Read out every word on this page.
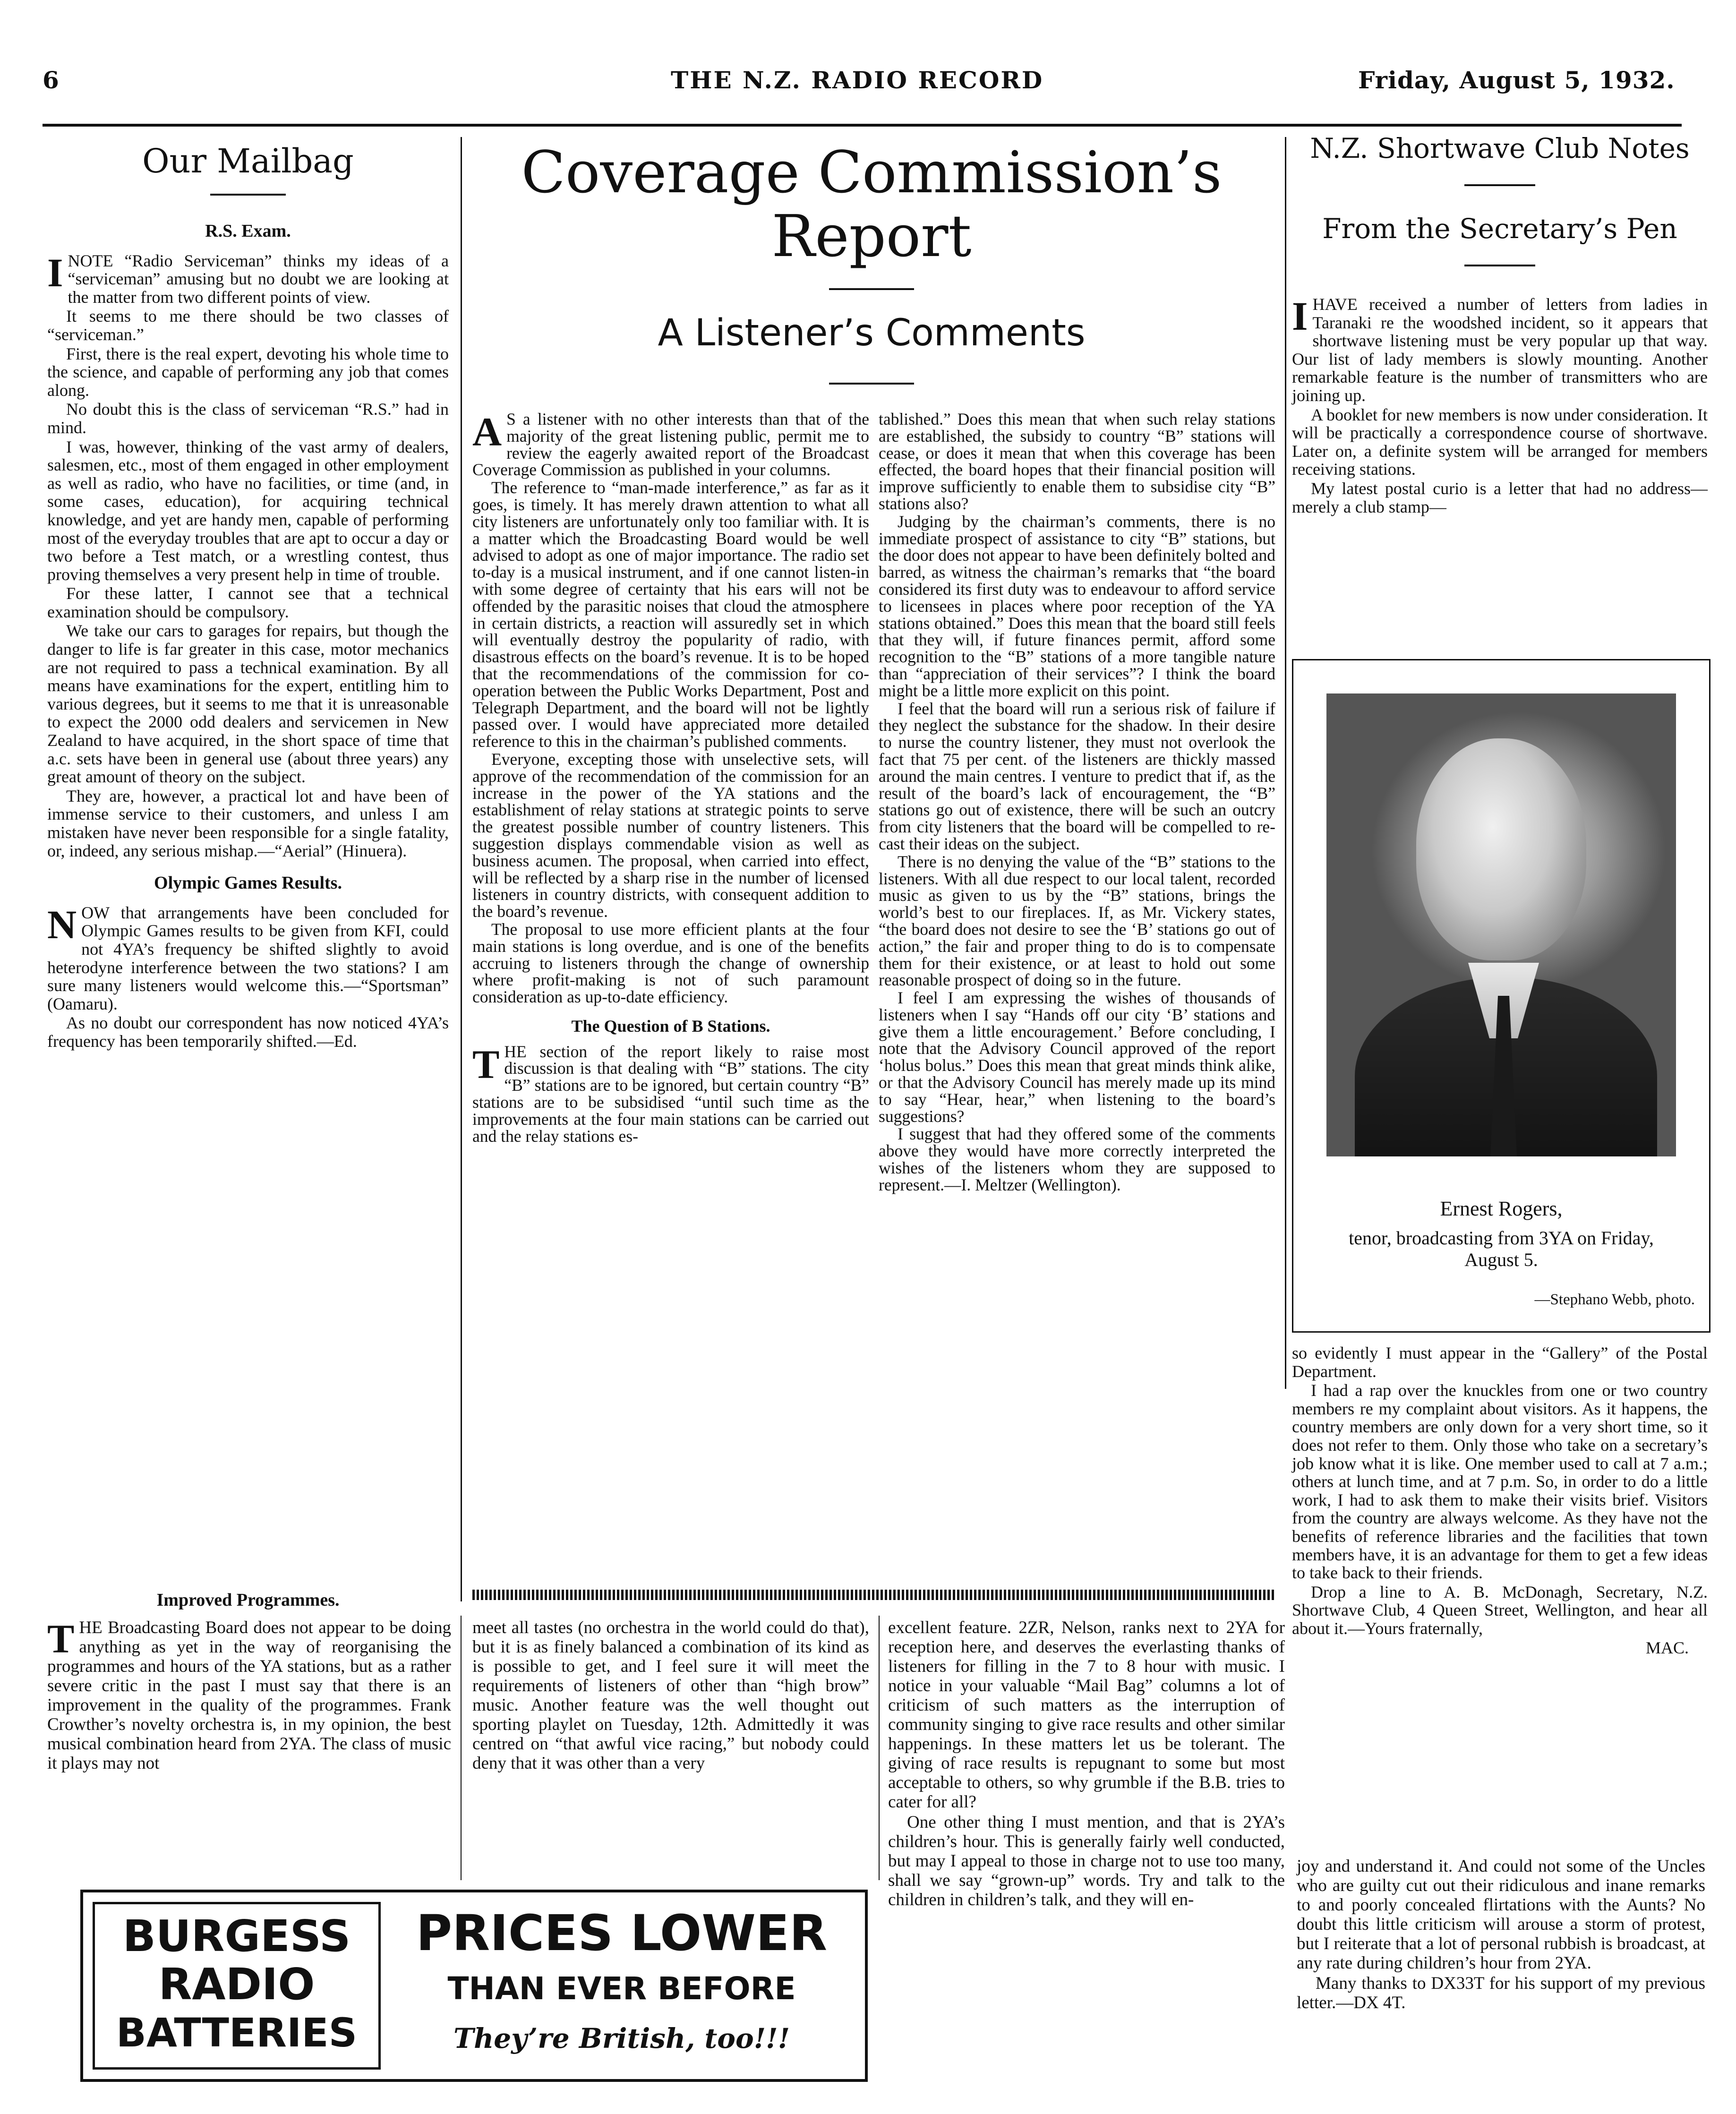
6	THE N.Z. RADIO RECORD	Friday, August 5, 1932.
Our Mailbag
R.S. Exam.

INOTE “Radio Serviceman” thinks my ideas of a “serviceman” amusing but no doubt we are looking at the matter from two different points of view.

It seems to me there should be two classes of “serviceman.”

First, there is the real expert, devoting his whole time to the science, and capable of performing any job that comes along.

No doubt this is the class of serviceman “R.S.” had in mind.

I was, however, thinking of the vast army of dealers, salesmen, etc., most of them engaged in other employment as well as radio, who have no facilities, or time (and, in some cases, education), for acquiring technical knowledge, and yet are handy men, capable of performing most of the everyday troubles that are apt to occur a day or two before a Test match, or a wrestling contest, thus proving themselves a very present help in time of trouble.

For these latter, I cannot see that a technical examination should be compulsory.

We take our cars to garages for repairs, but though the danger to life is far greater in this case, motor mechanics are not required to pass a technical examination. By all means have examinations for the expert, entitling him to various degrees, but it seems to me that it is unreasonable to expect the 2000 odd dealers and servicemen in New Zealand to have acquired, in the short space of time that a.c. sets have been in general use (about three years) any great amount of theory on the subject.

They are, however, a practical lot and have been of immense service to their customers, and unless I am mistaken have never been responsible for a single fatality, or, indeed, any serious mishap.—“Aerial” (Hinuera).

Olympic Games Results.

NOW that arrangements have been concluded for Olympic Games results to be given from KFI, could not 4YA’s frequency be shifted slightly to avoid heterodyne interference between the two stations? I am sure many listeners would welcome this.—“Sportsman” (Oamaru).

As no doubt our correspondent has now noticed 4YA’s frequency has been temporarily shifted.—Ed.

Improved Programmes.

THE Broadcasting Board does not appear to be doing anything as yet in the way of reorganising the programmes and hours of the YA stations, but as a rather severe critic in the past I must say that there is an improvement in the quality of the programmes. Frank Crowther’s novelty orchestra is, in my opinion, the best musical combination heard from 2YA. The class of music it plays may not

meet all tastes (no orchestra in the world could do that), but it is as finely balanced a combination of its kind as is possible to get, and I feel sure it will meet the requirements of listeners of other than “high brow” music. Another feature was the well thought out sporting playlet on Tuesday, 12th. Admittedly it was centred on “that awful vice racing,” but nobody could deny that it was other than a very

excellent feature. 2ZR, Nelson, ranks next to 2YA for reception here, and deserves the everlasting thanks of listeners for filling in the 7 to 8 hour with music. I notice in your valuable “Mail Bag” columns a lot of criticism of such matters as the interruption of community singing to give race results and other similar happenings. In these matters let us be tolerant. The giving of race results is repugnant to some but most acceptable to others, so why grumble if the B.B. tries to cater for all?

One other thing I must mention, and that is 2YA’s children’s hour. This is generally fairly well conducted, but may I appeal to those in charge not to use too many, shall we say “grown-up” words. Try and talk to the children in children’s talk, and they will en-

joy and understand it. And could not some of the Uncles who are guilty cut out their ridiculous and inane remarks to and poorly concealed flirtations with the Aunts? No doubt this little criticism will arouse a storm of protest, but I reiterate that a lot of personal rubbish is broadcast, at any rate during children’s hour from 2YA.

Many thanks to DX33T for his support of my previous letter.—DX 4T.

Coverage Commission’s
Report
A Listener’s Comments

A S a listener with no other interests than that of the majority of the great listening public, permit me to review the eagerly awaited report of the Broadcast Coverage Commission as published in your columns.

The reference to “man-made interference,” as far as it goes, is timely. It has merely drawn attention to what all city listeners are unfortunately only too familiar with. It is a matter which the Broadcasting Board would be well advised to adopt as one of major importance. The radio set to-day is a musical instrument, and if one cannot listen-in with some degree of certainty that his ears will not be offended by the parasitic noises that cloud the atmosphere in certain districts, a reaction will assuredly set in which will eventually destroy the popularity of radio, with disastrous effects on the board’s revenue. It is to be hoped that the recommendations of the commission for co-operation between the Public Works Department, Post and Telegraph Department, and the board will not be lightly passed over. I would have appreciated more detailed reference to this in the chairman’s published comments.

Everyone, excepting those with unselective sets, will approve of the recommendation of the commission for an increase in the power of the YA stations and the establishment of relay stations at strategic points to serve the greatest possible number of country listeners. This suggestion displays commendable vision as well as business acumen. The proposal, when carried into effect, will be reflected by a sharp rise in the number of licensed listeners in country districts, with consequent addition to the board’s revenue.

The proposal to use more efficient plants at the four main stations is long overdue, and is one of the benefits accruing to listeners through the change of ownership where profit-making is not of such paramount consideration as up-to-date efficiency.

The Question of B Stations.

THE section of the report likely to raise most discussion is that dealing with “B” stations. The city “B” stations are to be ignored, but certain country “B” stations are to be subsidised “until such time as the improvements at the four main stations can be carried out and the relay stations es-

tablished.” Does this mean that when such relay stations are established, the subsidy to country “B” stations will cease, or does it mean that when this coverage has been effected, the board hopes that their financial position will improve sufficiently to enable them to subsidise city “B” stations also?

Judging by the chairman’s comments, there is no immediate prospect of assistance to city “B” stations, but the door does not appear to have been definitely bolted and barred, as witness the chairman’s remarks that “the board considered its first duty was to endeavour to afford service to licensees in places where poor reception of the YA stations obtained.” Does this mean that the board still feels that they will, if future finances permit, afford some recognition to the “B” stations of a more tangible nature than “appreciation of their services”? I think the board might be a little more explicit on this point.

I feel that the board will run a serious risk of failure if they neglect the substance for the shadow. In their desire to nurse the country listener, they must not overlook the fact that 75 per cent. of the listeners are thickly massed around the main centres. I venture to predict that if, as the result of the board’s lack of encouragement, the “B” stations go out of existence, there will be such an outcry from city listeners that the board will be compelled to re-cast their ideas on the subject.

There is no denying the value of the “B” stations to the listeners. With all due respect to our local talent, recorded music as given to us by the “B” stations, brings the world’s best to our fireplaces. If, as Mr. Vickery states, “the board does not desire to see the ‘B’ stations go out of action,” the fair and proper thing to do is to compensate them for their existence, or at least to hold out some reasonable prospect of doing so in the future.

I feel I am expressing the wishes of thousands of listeners when I say “Hands off our city ‘B’ stations and give them a little encouragement.’ Before concluding, I note that the Advisory Council approved of the report ‘holus bolus.” Does this mean that great minds think alike, or that the Advisory Council has merely made up its mind to say “Hear, hear,” when listening to the board’s suggestions?

I suggest that had they offered some of the comments above they would have more correctly interpreted the wishes of the listeners whom they are supposed to represent.—I. Meltzer (Wellington).

N.Z. Shortwave Club Notes
From the Secretary’s Pen

IHAVE received a number of letters from ladies in Taranaki re the woodshed incident, so it appears that shortwave listening must be very popular up that way. Our list of lady members is slowly mounting. Another remarkable feature is the number of transmitters who are joining up.

A booklet for new members is now under consideration. It will be practically a correspondence course of shortwave. Later on, a definite system will be arranged for members receiving stations.

My latest postal curio is a letter that had no address—merely a club stamp—

Ernest Rogers,
tenor, broadcasting from 3YA on Friday, August 5.
—Stephano Webb, photo.

so evidently I must appear in the “Gallery” of the Postal Department.

I had a rap over the knuckles from one or two country members re my complaint about visitors. As it happens, the country members are only down for a very short time, so it does not refer to them. Only those who take on a secretary’s job know what it is like. One member used to call at 7 a.m.; others at lunch time, and at 7 p.m. So, in order to do a little work, I had to ask them to make their visits brief. Visitors from the country are always welcome. As they have not the benefits of reference libraries and the facilities that town members have, it is an advantage for them to get a few ideas to take back to their friends.

Drop a line to A. B. McDonagh, Secretary, N.Z. Shortwave Club, 4 Queen Street, Wellington, and hear all about it.—Yours fraternally,

MAC.

BURGESS
RADIO
BATTERIES
PRICES LOWER
THAN EVER BEFORE
They’re British, too!!!
